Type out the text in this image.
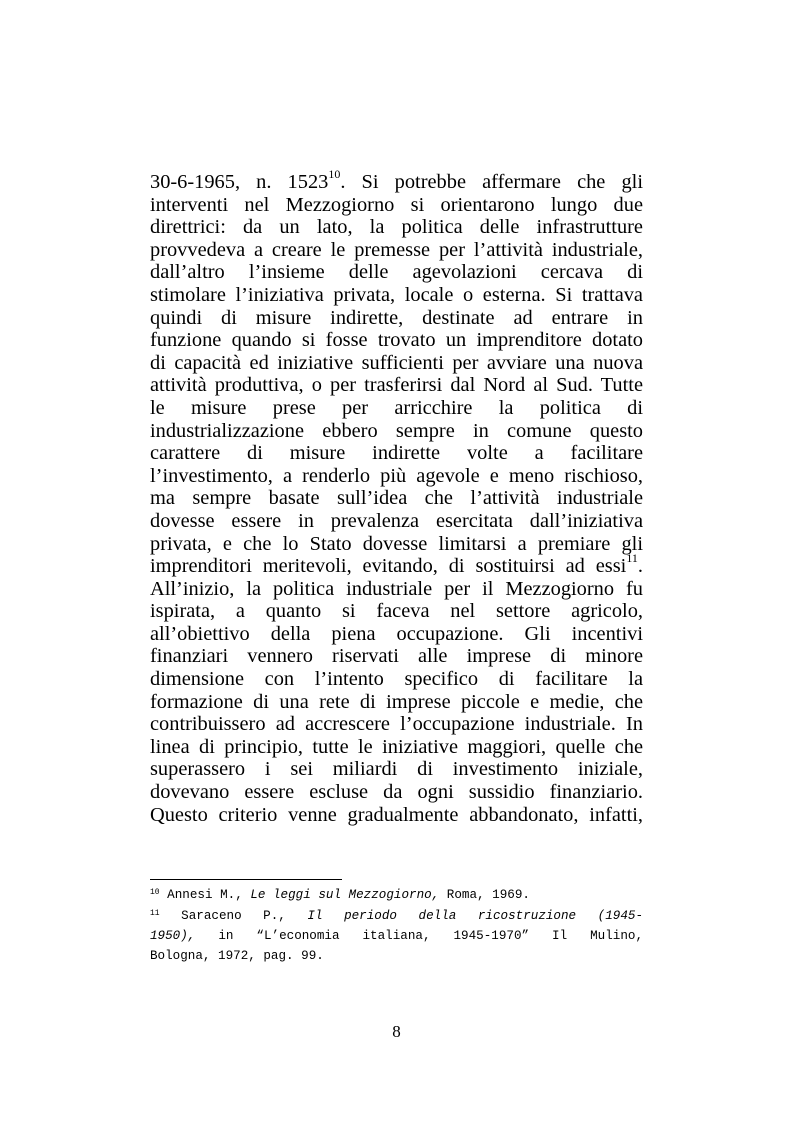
30-6-1965, n. 1523$^{10}$. Si potrebbe affermare che gli
interventi nel Mezzogiorno si orientarono lungo due
direttrici: da un lato, la politica delle infrastrutture
provvedeva a creare le premesse per l’attività industriale,
dall’altro l’insieme delle agevolazioni cercava di
stimolare l’iniziativa privata, locale o esterna. Si trattava
quindi di misure indirette, destinate ad entrare in
funzione quando si fosse trovato un imprenditore dotato
di capacità ed iniziative sufficienti per avviare una nuova
attività produttiva, o per trasferirsi dal Nord al Sud. Tutte
le misure prese per arricchire la politica di
industrializzazione ebbero sempre in comune questo
carattere di misure indirette volte a facilitare
l’investimento, a renderlo più agevole e meno rischioso,
ma sempre basate sull’idea che l’attività industriale
dovesse essere in prevalenza esercitata dall’iniziativa
privata, e che lo Stato dovesse limitarsi a premiare gli
imprenditori meritevoli, evitando, di sostituirsi ad essi$^{11}$.
All’inizio, la politica industriale per il Mezzogiorno fu
ispirata, a quanto si faceva nel settore agricolo,
all’obiettivo della piena occupazione. Gli incentivi
finanziari vennero riservati alle imprese di minore
dimensione con l’intento specifico di facilitare la
formazione di una rete di imprese piccole e medie, che
contribuissero ad accrescere l’occupazione industriale. In
linea di principio, tutte le iniziative maggiori, quelle che
superassero i sei miliardi di investimento iniziale,
dovevano essere escluse da ogni sussidio finanziario.
Questo criterio venne gradualmente abbandonato, infatti,
$^{10}$ Annesi M., Le leggi sul Mezzogiorno, Roma, 1969.
$^{11}$ Saraceno P., Il periodo della ricostruzione (1945-
1950), in “L’economia italiana, 1945-1970” Il Mulino,
Bologna, 1972, pag. 99.
8
